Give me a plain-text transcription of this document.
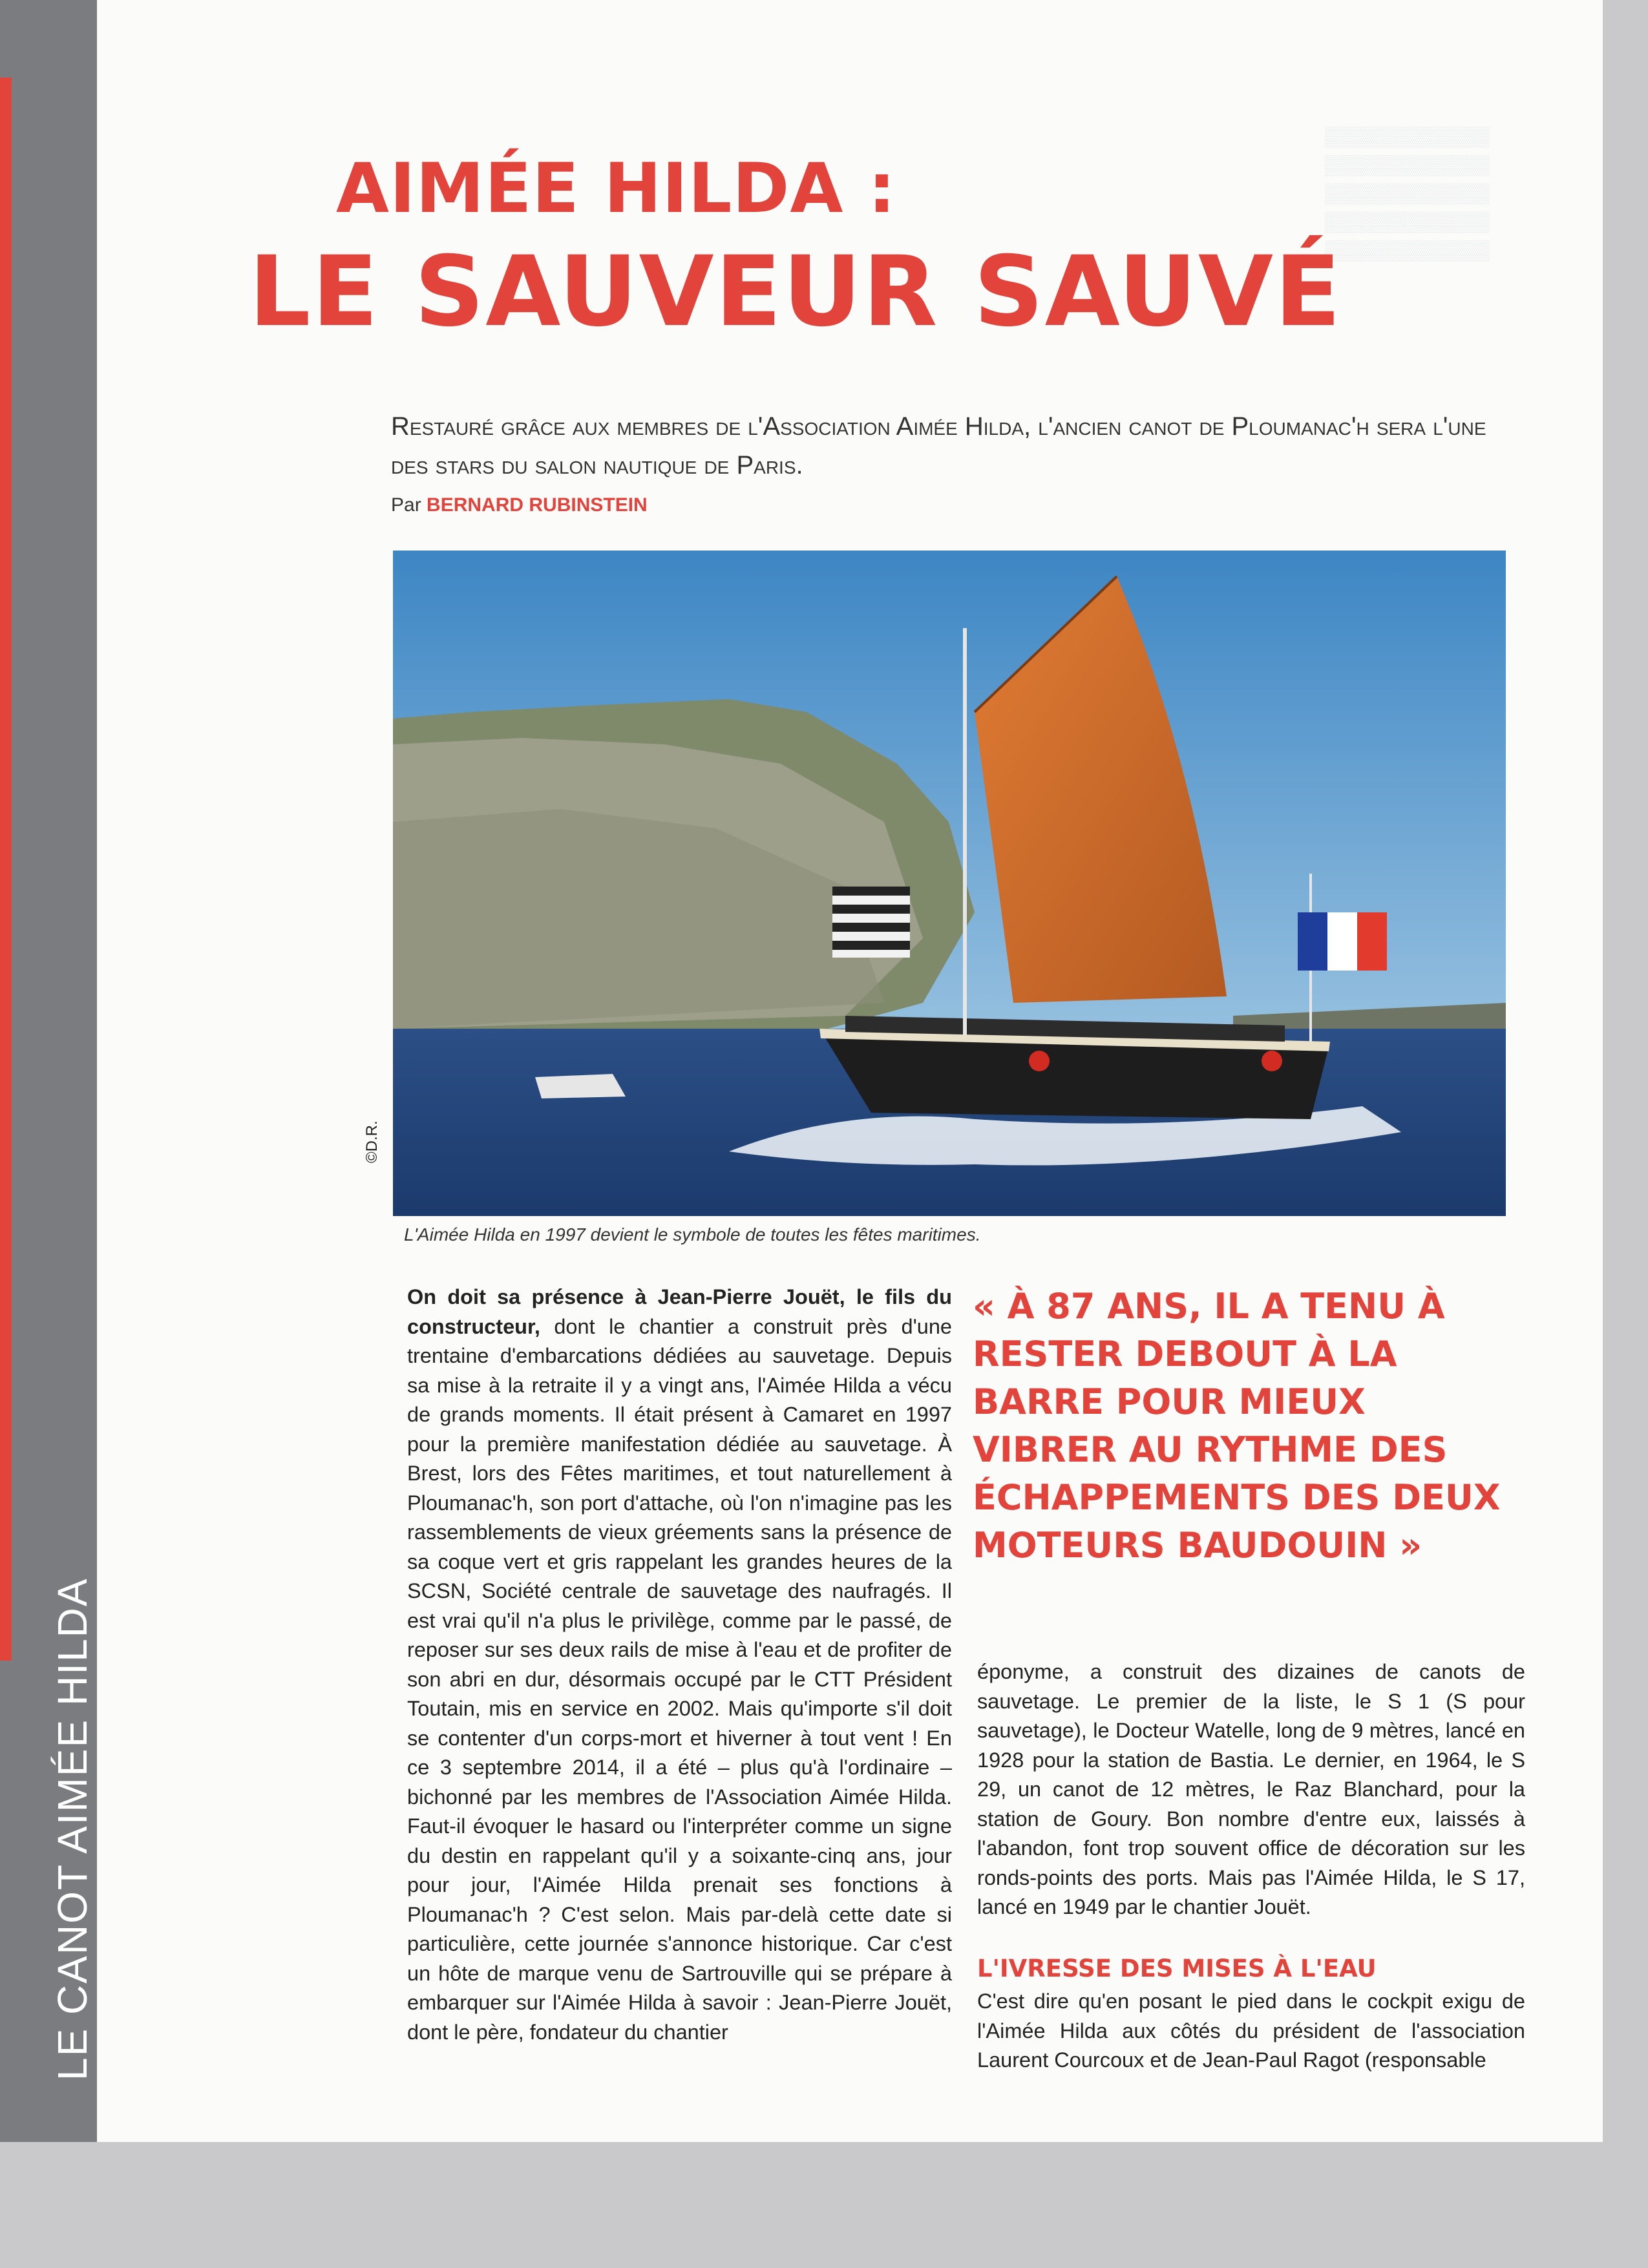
LE CANOT AIMÉE HILDA
▒▒▒▒▒▒▒▒▒▒▒▒
▒▒▒▒▒▒▒▒▒▒▒▒
▒▒▒▒▒▒▒▒▒▒▒▒
▒▒▒▒▒▒▒▒▒▒▒▒
▒▒▒▒▒▒▒▒▒▒▒▒
AIMÉE HILDA :
LE SAUVEUR SAUVÉ
Restauré grâce aux membres de l'Association Aimée Hilda, l'ancien canot de Ploumanac'h sera l'une des stars du salon nautique de Paris.
Par BERNARD RUBINSTEIN
©D.R.
L'Aimée Hilda en 1997 devient le symbole de toutes les fêtes maritimes.

On doit sa présence à Jean-Pierre Jouët, le fils du constructeur, dont le chantier a construit près d'une trentaine d'embarcations dédiées au sauvetage. Depuis sa mise à la retraite il y a vingt ans, l'Aimée Hilda a vécu de grands moments. Il était présent à Camaret en 1997 pour la première manifestation dédiée au sauvetage. À Brest, lors des Fêtes maritimes, et tout naturellement à Ploumanac'h, son port d'attache, où l'on n'imagine pas les rassemblements de vieux gréements sans la présence de sa coque vert et gris rappelant les grandes heures de la SCSN, Société centrale de sauvetage des naufragés. Il est vrai qu'il n'a plus le privilège, comme par le passé, de reposer sur ses deux rails de mise à l'eau et de profiter de son abri en dur, désormais occupé par le CTT Président Toutain, mis en service en 2002. Mais qu'importe s'il doit se contenter d'un corps-mort et hiverner à tout vent ! En ce 3 septembre 2014, il a été – plus qu'à l'ordinaire – bichonné par les membres de l'Association Aimée Hilda. Faut-il évoquer le hasard ou l'interpréter comme un signe du destin en rappelant qu'il y a soixante-cinq ans, jour pour jour, l'Aimée Hilda prenait ses fonctions à Ploumanac'h ? C'est selon. Mais par-delà cette date si particulière, cette journée s'annonce historique. Car c'est un hôte de marque venu de Sartrouville qui se prépare à embarquer sur l'Aimée Hilda à savoir : Jean-Pierre Jouët, dont le père, fondateur du chantier

« À 87 ANS, IL A TENU À RESTER DEBOUT À LA BARRE POUR MIEUX VIBRER AU RYTHME DES ÉCHAPPEMENTS DES DEUX MOTEURS BAUDOUIN »

éponyme, a construit des dizaines de canots de sauvetage. Le premier de la liste, le S 1 (S pour sauvetage), le Docteur Watelle, long de 9 mètres, lancé en 1928 pour la station de Bastia. Le dernier, en 1964, le S 29, un canot de 12 mètres, le Raz Blanchard, pour la station de Goury. Bon nombre d'entre eux, laissés à l'abandon, font trop souvent office de décoration sur les ronds-points des ports. Mais pas l'Aimée Hilda, le S 17, lancé en 1949 par le chantier Jouët.

L'IVRESSE DES MISES À L'EAU

C'est dire qu'en posant le pied dans le cockpit exigu de l'Aimée Hilda aux côtés du président de l'association Laurent Courcoux et de Jean-Paul Ragot (responsable
